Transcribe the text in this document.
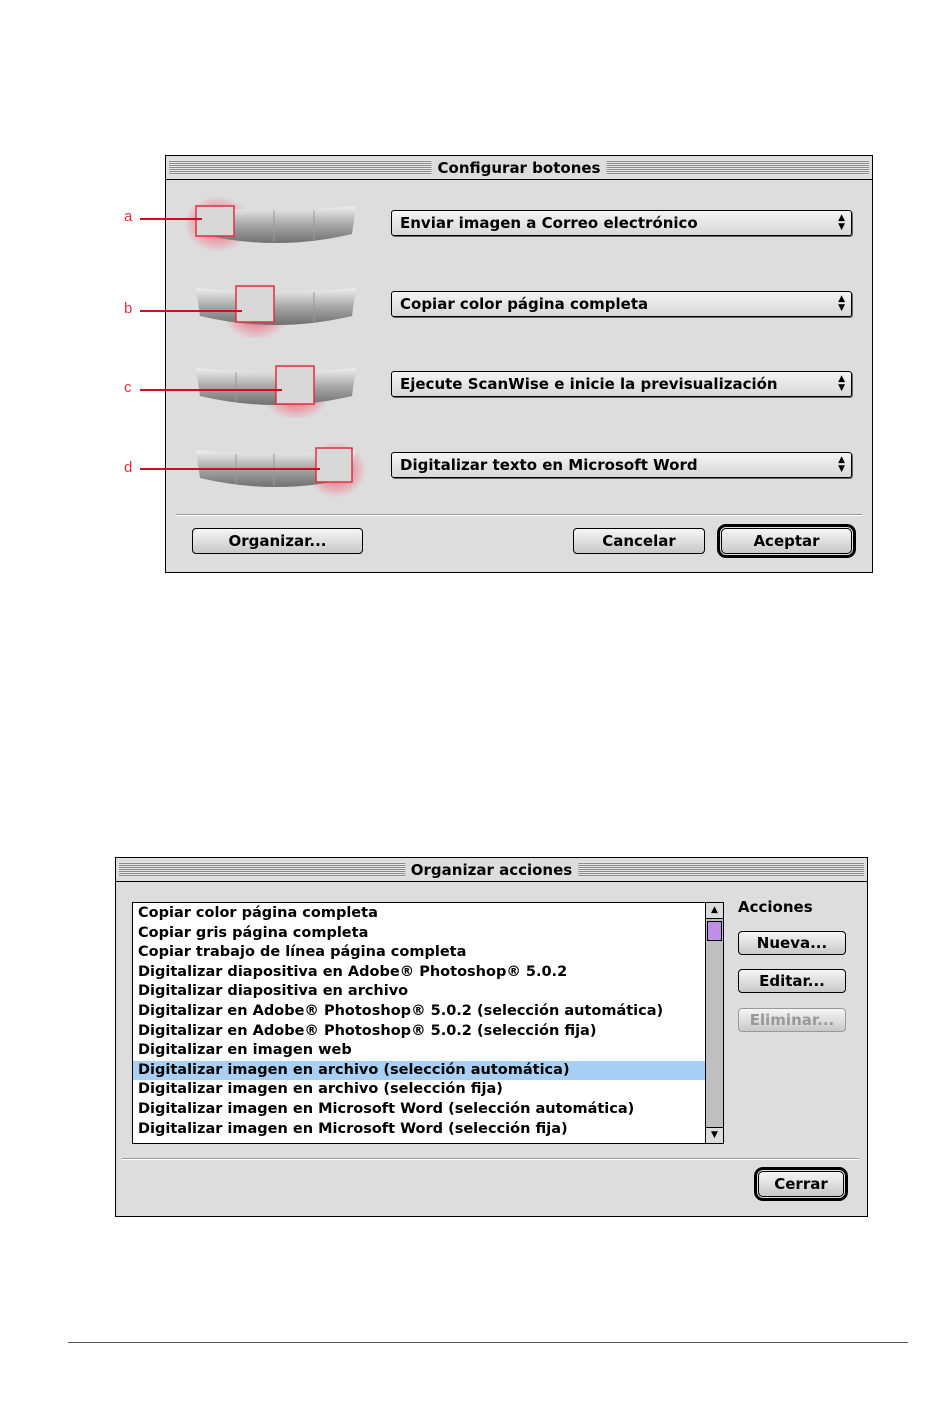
Configurar botones
Enviar imagen a Correo electrónico	▲
▼
Copiar color página completa	▲
▼
Ejecute ScanWise e inicie la previsualización	▲
▼
Digitalizar texto en Microsoft Word	▲
▼
Organizar...	Cancelar	Aceptar
a
b
c
d
Organizar acciones
Copiar color página completa
Copiar gris página completa
Copiar trabajo de línea página completa
Digitalizar diapositiva en Adobe® Photoshop® 5.0.2
Digitalizar diapositiva en archivo
Digitalizar en Adobe® Photoshop® 5.0.2 (selección automática)
Digitalizar en Adobe® Photoshop® 5.0.2 (selección fija)
Digitalizar en imagen web
Digitalizar imagen en archivo (selección automática)
Digitalizar imagen en archivo (selección fija)
Digitalizar imagen en Microsoft Word (selección automática)
Digitalizar imagen en Microsoft Word (selección fija)
▲
▼
Acciones
Nueva...
Editar...
Eliminar...
Cerrar
